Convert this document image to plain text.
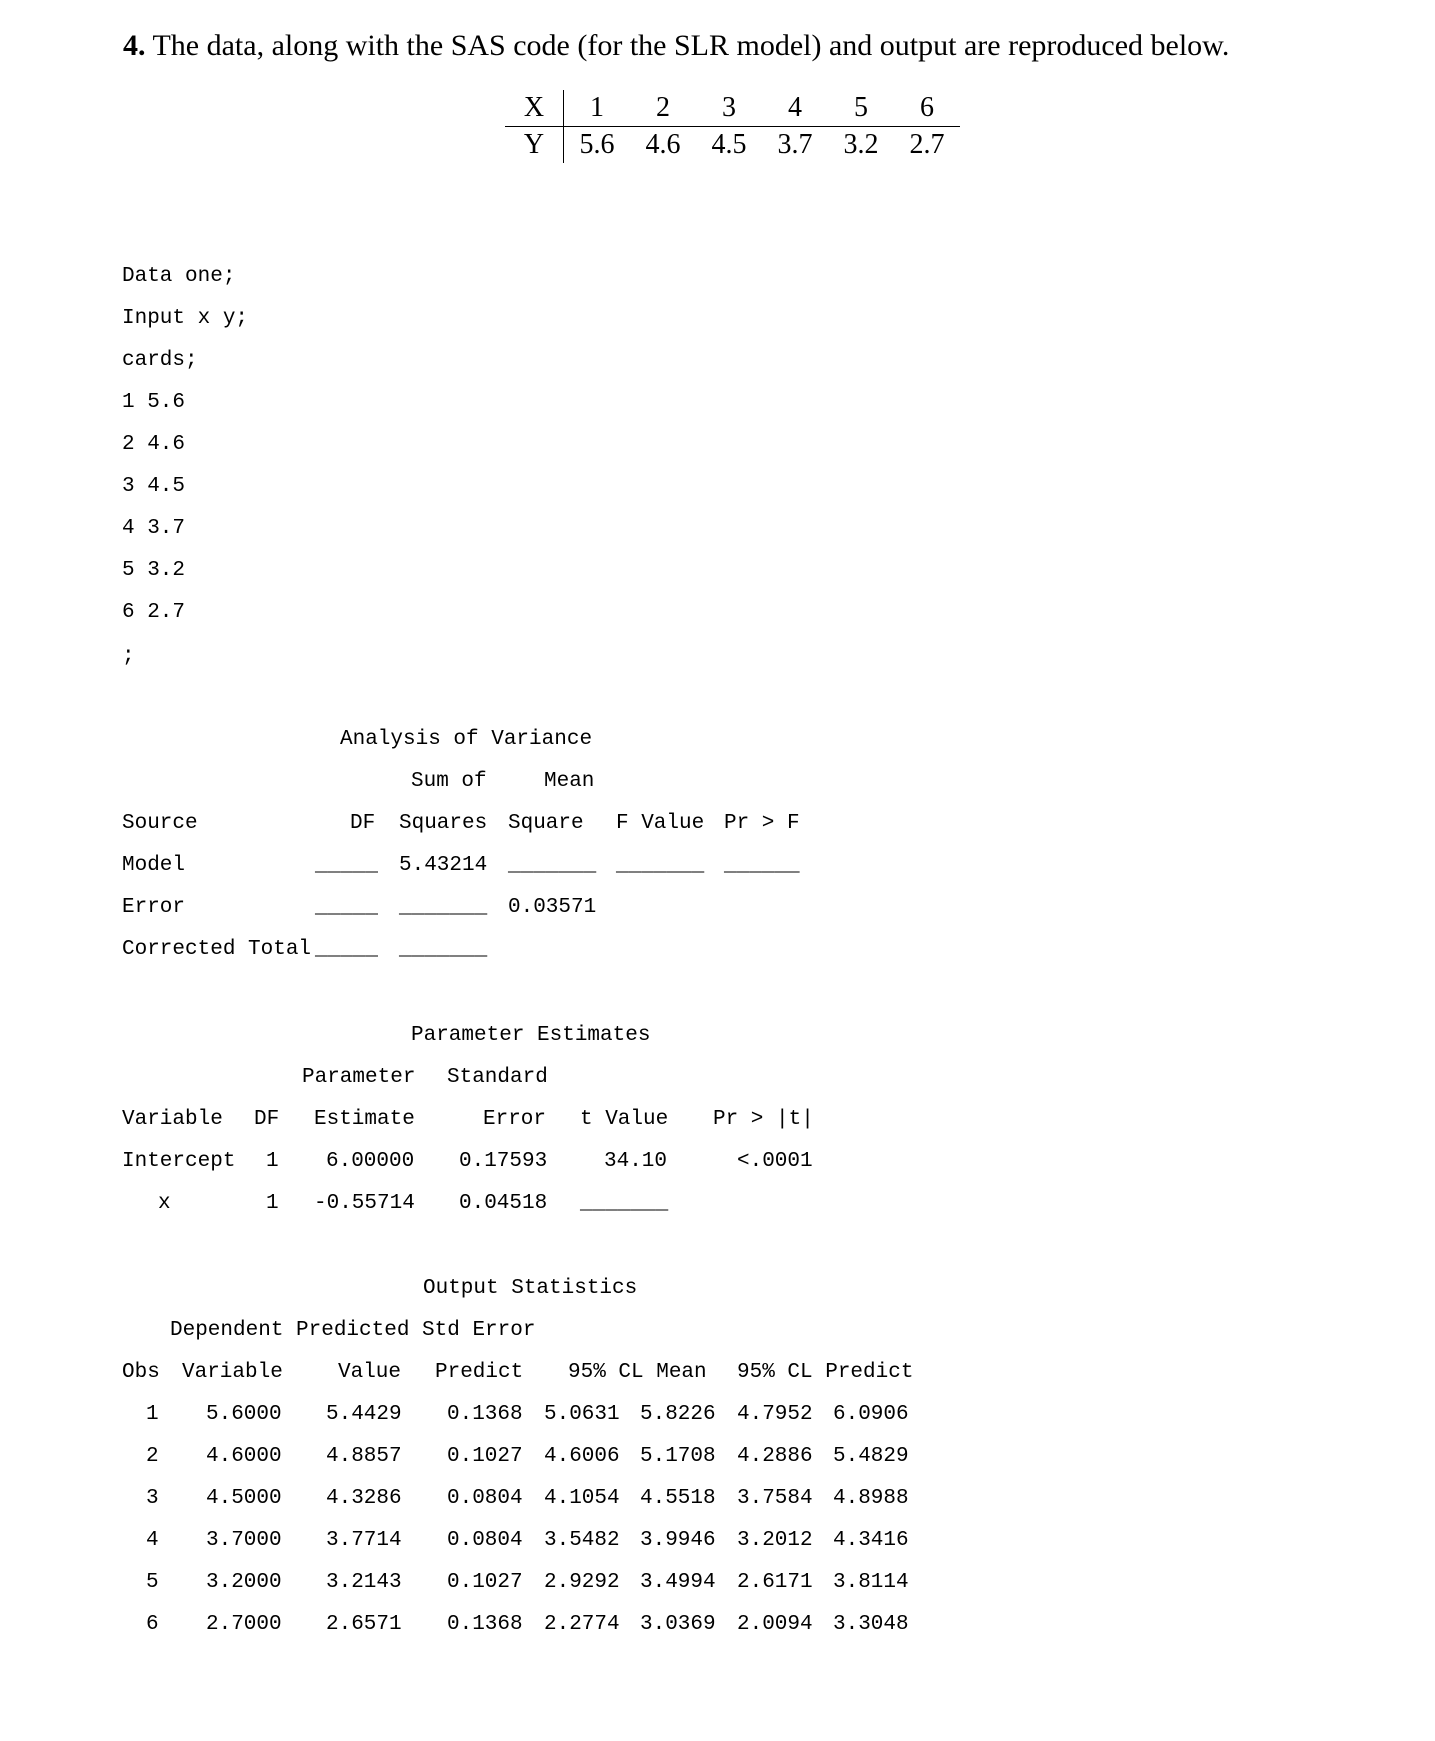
4. The data, along with the SAS code (for the SLR model) and output are reproduced below.
X	1	2	3	4	5	6
Y	5.6	4.6	4.5	3.7	3.2	2.7
Data one;
Input x y;
cards;
1 5.6
2 4.6
3 4.5
4 3.7
5 3.2
6 2.7
;
Analysis of Variance
Sum of	Mean
Source	DF Squares Square F Value Pr > F
Model	_____ 5.43214 _______ _______ ______
Error	_____ _______ 0.03571
Corrected Total _____ _______
Parameter Estimates
Parameter Standard
Variable DF Estimate	Error t Value Pr > |t|
Intercept 1 6.00000 0.17593	34.10	<.0001
x	1 -0.55714 0.04518 _______
Output Statistics
Dependent Predicted Std Error
Obs Variable	Value Predict 95% CL Mean 95% CL Predict
1 5.6000 5.4429 0.1368 5.0631 5.8226 4.7952 6.0906
2 4.6000 4.8857 0.1027 4.6006 5.1708 4.2886 5.4829
3 4.5000 4.3286 0.0804 4.1054 4.5518 3.7584 4.8988
4 3.7000 3.7714 0.0804 3.5482 3.9946 3.2012 4.3416
5 3.2000 3.2143 0.1027 2.9292 3.4994 2.6171 3.8114
6 2.7000 2.6571 0.1368 2.2774 3.0369 2.0094 3.3048
